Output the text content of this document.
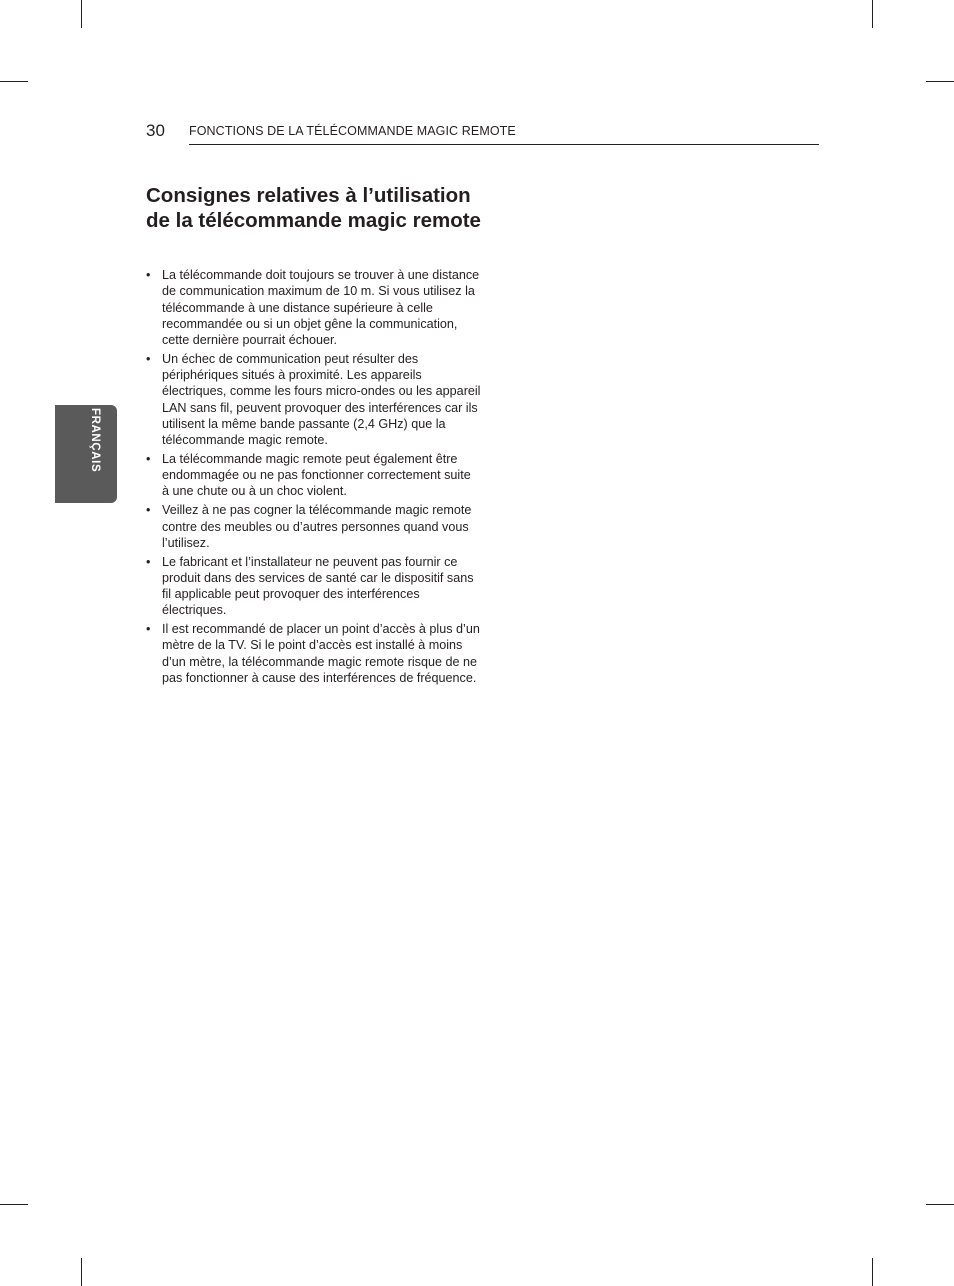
30 FONCTIONS DE LA TÉLÉCOMMANDE MAGIC REMOTE
FRANÇAIS
Consignes relatives à l’utilisation de la télécommande magic remote
• La télécommande doit toujours se trouver à une distance de communication maximum de 10 m. Si vous utilisez la télécommande à une distance supérieure à celle recommandée ou si un objet gêne la communication, cette dernière pourrait échouer.
• Un échec de communication peut résulter des périphériques situés à proximité. Les appareils électriques, comme les fours micro-ondes ou les appareil LAN sans fil, peuvent provoquer des interférences car ils utilisent la même bande passante (2,4 GHz) que la télécommande magic remote.
• La télécommande magic remote peut également être endommagée ou ne pas fonctionner correctement suite à une chute ou à un choc violent.
• Veillez à ne pas cogner la télécommande magic remote contre des meubles ou d’autres personnes quand vous l’utilisez.
• Le fabricant et l’installateur ne peuvent pas fournir ce produit dans des services de santé car le dispositif sans fil applicable peut provoquer des interférences électriques.
• Il est recommandé de placer un point d’accès à plus d’un mètre de la TV. Si le point d’accès est installé à moins d’un mètre, la télécommande magic remote risque de ne pas fonctionner à cause des interférences de fréquence.
